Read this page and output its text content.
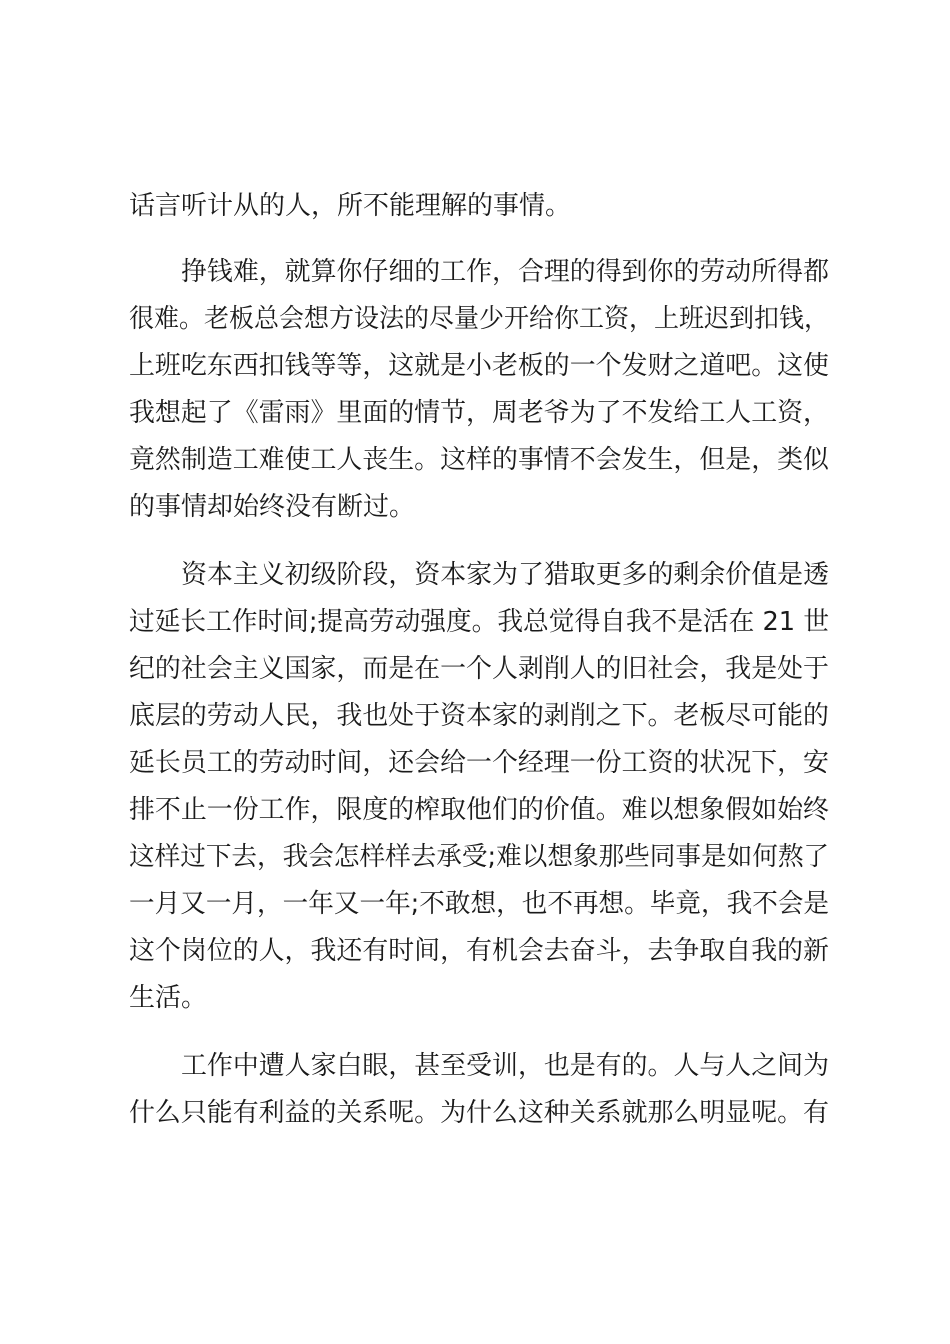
话言听计从的人，所不能理解的事情。
挣钱难，就算你仔细的工作，合理的得到你的劳动所得都
很难。老板总会想方设法的尽量少开给你工资，上班迟到扣钱，
上班吃东西扣钱等等，这就是小老板的一个发财之道吧。这使
我想起了《雷雨》里面的情节，周老爷为了不发给工人工资，
竟然制造工难使工人丧生。这样的事情不会发生，但是，类似
的事情却始终没有断过。
资本主义初级阶段，资本家为了猎取更多的剩余价值是透
过延长工作时间;提高劳动强度。我总觉得自我不是活在 21 世
纪的社会主义国家，而是在一个人剥削人的旧社会，我是处于
底层的劳动人民，我也处于资本家的剥削之下。老板尽可能的
延长员工的劳动时间，还会给一个经理一份工资的状况下，安
排不止一份工作，限度的榨取他们的价值。难以想象假如始终
这样过下去，我会怎样样去承受;难以想象那些同事是如何熬了
一月又一月，一年又一年;不敢想，也不再想。毕竟，我不会是
这个岗位的人，我还有时间，有机会去奋斗，去争取自我的新
生活。
工作中遭人家白眼，甚至受训，也是有的。人与人之间为
什么只能有利益的关系呢。为什么这种关系就那么明显呢。有
